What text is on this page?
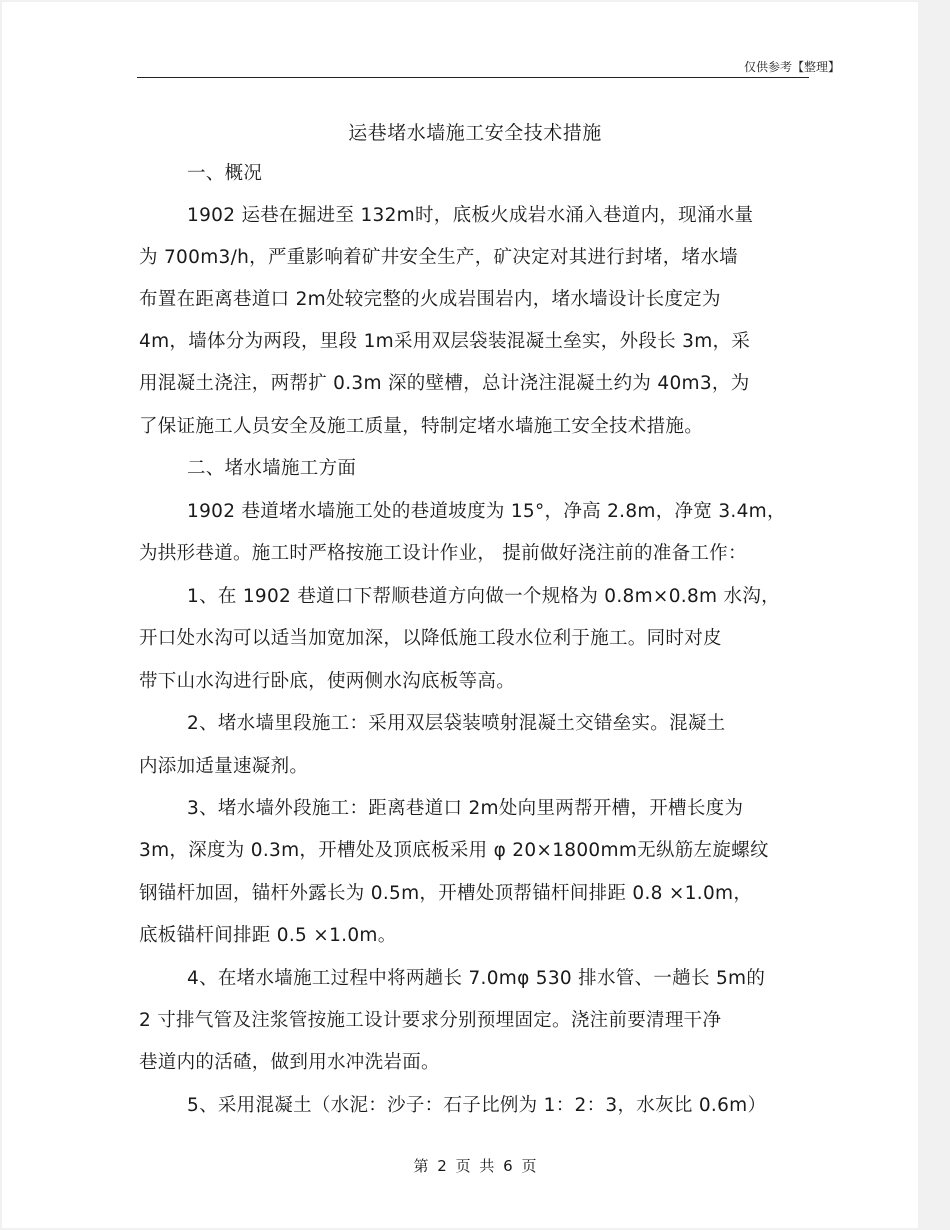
仅供参考【整理】
运巷堵水墙施工安全技术措施
一、概况
1902 运巷在掘进至 132m时，底板火成岩水涌入巷道内，现涌水量
为 700m3/h，严重影响着矿井安全生产，矿决定对其进行封堵，堵水墙
布置在距离巷道口 2m处较完整的火成岩围岩内，堵水墙设计长度定为
4m，墙体分为两段，里段 1m采用双层袋装混凝土垒实，外段长 3m，采
用混凝土浇注，两帮扩 0.3m 深的壁槽，总计浇注混凝土约为 40m3，为
了保证施工人员安全及施工质量，特制定堵水墙施工安全技术措施。
二、堵水墙施工方面
1902 巷道堵水墙施工处的巷道坡度为 15°，净高 2.8m，净宽 3.4m，
为拱形巷道。施工时严格按施工设计作业， 提前做好浇注前的准备工作：
1、在 1902 巷道口下帮顺巷道方向做一个规格为 0.8m×0.8m 水沟，
开口处水沟可以适当加宽加深，以降低施工段水位利于施工。同时对皮
带下山水沟进行卧底，使两侧水沟底板等高。
2、堵水墙里段施工：采用双层袋装喷射混凝土交错垒实。混凝土
内添加适量速凝剂。
3、堵水墙外段施工：距离巷道口 2m处向里两帮开槽，开槽长度为
3m，深度为 0.3m，开槽处及顶底板采用 φ 20×1800mm无纵筋左旋螺纹
钢锚杆加固，锚杆外露长为 0.5m，开槽处顶帮锚杆间排距 0.8 ×1.0m，
底板锚杆间排距 0.5 ×1.0m。
4、在堵水墙施工过程中将两趟长 7.0mφ 530 排水管、一趟长 5m的
2 寸排气管及注浆管按施工设计要求分别预埋固定。浇注前要清理干净
巷道内的活碴，做到用水冲洗岩面。
5、采用混凝土（水泥：沙子：石子比例为 1：2：3，水灰比 0.6m）
第 2 页 共 6 页
